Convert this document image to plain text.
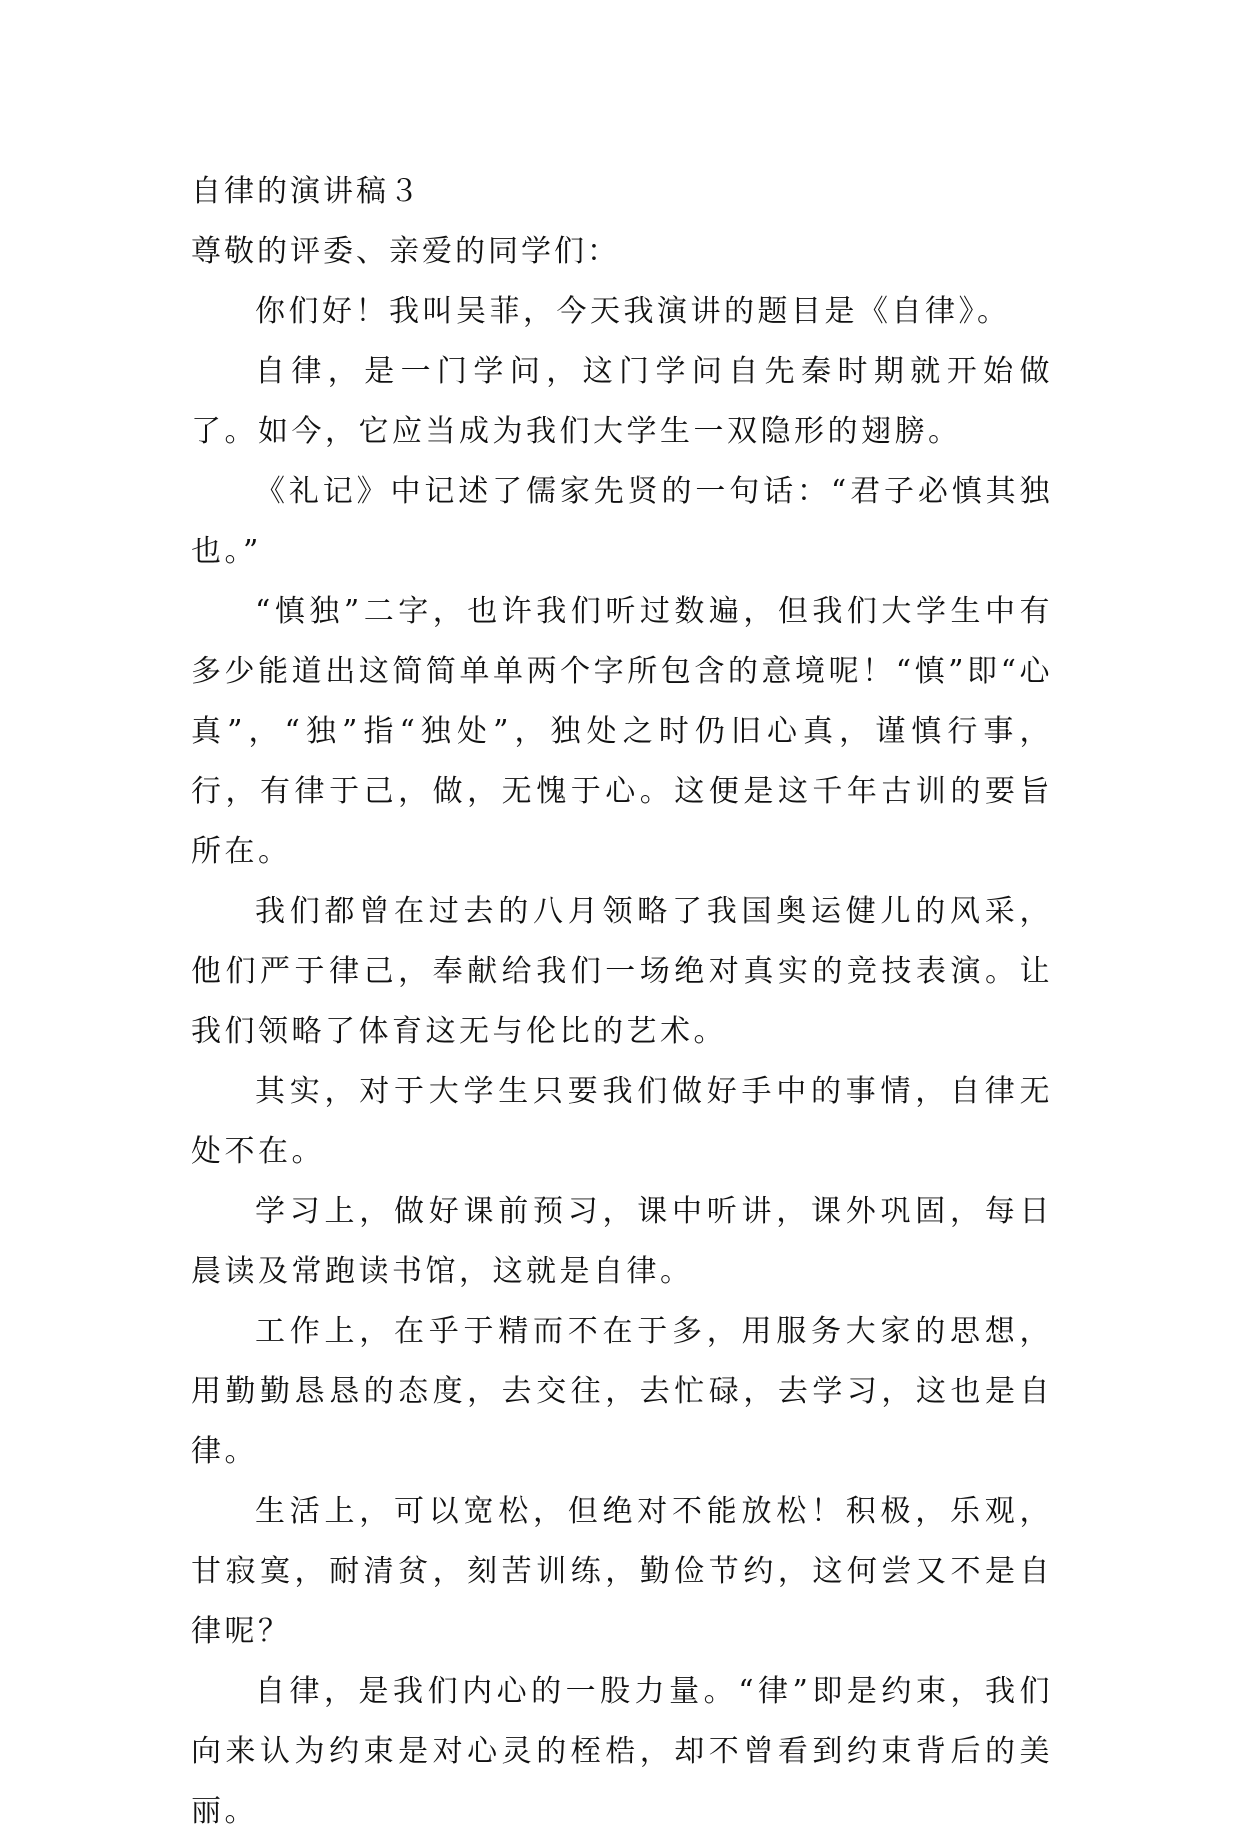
自律的演讲稿３

尊敬的评委、亲爱的同学们：

你们好！我叫吴菲，今天我演讲的题目是《自律》。

自律，是一门学问，这门学问自先秦时期就开始做了。如今，它应当成为我们大学生一双隐形的翅膀。

《礼记》中记述了儒家先贤的一句话：“君子必慎其独也。”

“慎独”二字，也许我们听过数遍，但我们大学生中有多少能道出这简简单单两个字所包含的意境呢！“慎”即“心真”，“独”指“独处”，独处之时仍旧心真，谨慎行事，行，有律于己，做，无愧于心。这便是这千年古训的要旨所在。

我们都曾在过去的八月领略了我国奥运健儿的风采，他们严于律己，奉献给我们一场绝对真实的竞技表演。让我们领略了体育这无与伦比的艺术。

其实，对于大学生只要我们做好手中的事情，自律无处不在。

学习上，做好课前预习，课中听讲，课外巩固，每日晨读及常跑读书馆，这就是自律。

工作上，在乎于精而不在于多，用服务大家的思想，用勤勤恳恳的态度，去交往，去忙碌，去学习，这也是自律。

生活上，可以宽松，但绝对不能放松！积极，乐观，甘寂寞，耐清贫，刻苦训练，勤俭节约，这何尝又不是自律呢？

自律，是我们内心的一股力量。“律”即是约束，我们向来认为约束是对心灵的桎梏，却不曾看到约束背后的美丽。
